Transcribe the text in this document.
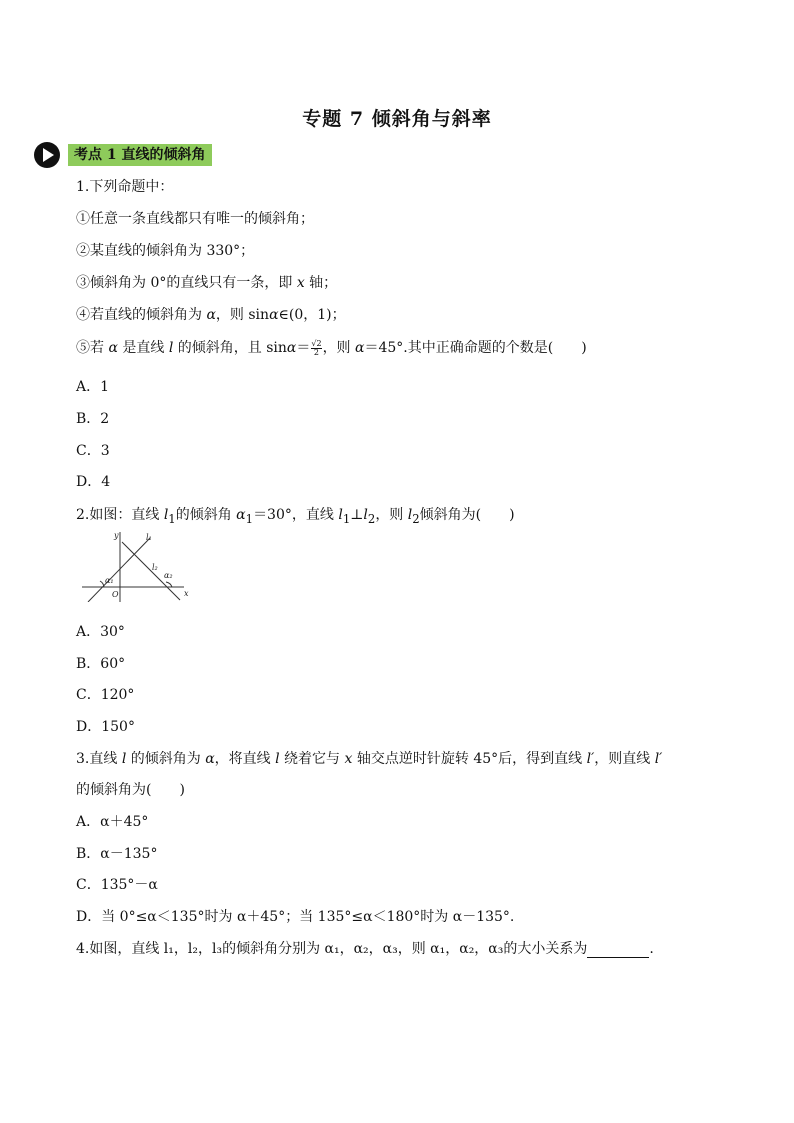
专题 7 倾斜角与斜率
考点 1 直线的倾斜角
1.下列命题中：
①任意一条直线都只有唯一的倾斜角；
②某直线的倾斜角为 330°；
③倾斜角为 0°的直线只有一条，即 x 轴；
④若直线的倾斜角为 α，则 sinα∈(0，1)；
⑤若 α 是直线 l 的倾斜角，且 $\sin\alpha= \frac{√2}{2}$ ，则 α＝45°.其中正确命题的个数是(　　)
A．1
B．2
C．3
D．4
2.如图：直线 $l_1$的倾斜角 $\alpha_1=30^\circ$，直线 $l_1\perp l_2$，则 $l_2$倾斜角为(　　)
y
x
O
l₁
l₂
α₁
α₂
A．30°
B．60°
C．120°
D．150°
3.直线 l 的倾斜角为 α，将直线 l 绕着它与 x 轴交点逆时针旋转 45°后，得到直线 l′，则直线 l′
的倾斜角为(　　)
A．α＋45°
B．α－135°
C．135°－α
D．当 0°≤α＜135°时为 α＋45°；当 135°≤α＜180°时为 α－135°.
4.如图，直线 l₁，l₂，l₃的倾斜角分别为 α₁，α₂，α₃，则 α₁，α₂，α₃的大小关系为	.
